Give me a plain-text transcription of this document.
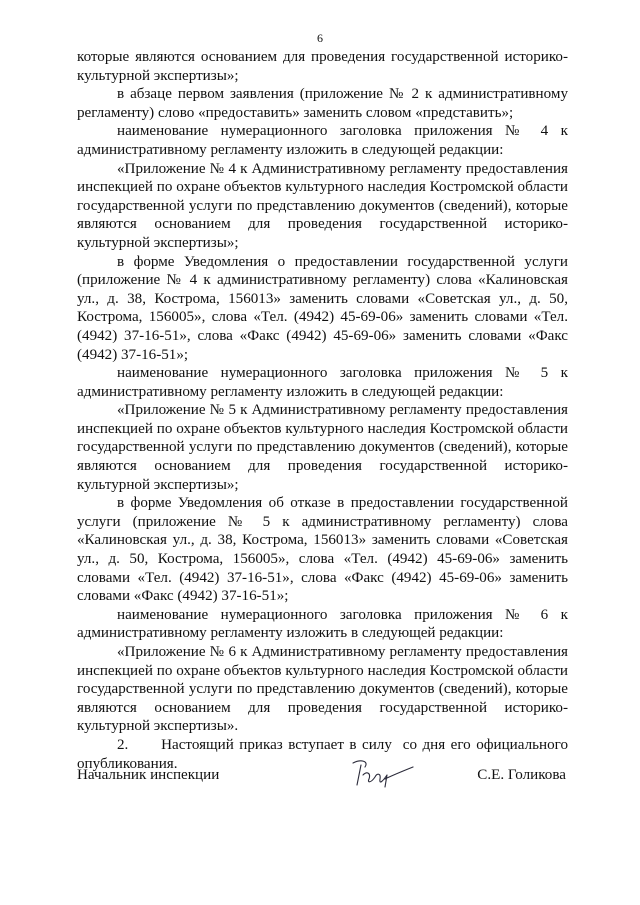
6

которые являются основанием для проведения государственной историко-культурной экспертизы»;

в абзаце первом заявления (приложение № 2 к административному регламенту) слово «предоставить» заменить словом «представить»;

наименование нумерационного заголовка приложения № 4 к административному регламенту изложить в следующей редакции:

«Приложение № 4 к Административному регламенту предоставления инспекцией по охране объектов культурного наследия Костромской области государственной услуги по представлению документов (сведений), которые являются основанием для проведения государственной историко-культурной экспертизы»;

в форме Уведомления о предоставлении государственной услуги (приложение № 4 к административному регламенту) слова «Калиновская ул., д. 38, Кострома, 156013» заменить словами «Советская ул., д. 50, Кострома, 156005», слова «Тел. (4942) 45-69-06» заменить словами «Тел. (4942) 37-16-51», слова «Факс (4942) 45-69-06» заменить словами «Факс (4942) 37-16-51»;

наименование нумерационного заголовка приложения № 5 к административному регламенту изложить в следующей редакции:

«Приложение № 5 к Административному регламенту предоставления инспекцией по охране объектов культурного наследия Костромской области государственной услуги по представлению документов (сведений), которые являются основанием для проведения государственной историко-культурной экспертизы»;

в форме Уведомления об отказе в предоставлении государственной услуги (приложение № 5 к административному регламенту) слова «Калиновская ул., д. 38, Кострома, 156013» заменить словами «Советская ул., д. 50, Кострома, 156005», слова «Тел. (4942) 45-69-06» заменить словами «Тел. (4942) 37-16-51», слова «Факс (4942) 45-69-06» заменить словами «Факс (4942) 37-16-51»;

наименование нумерационного заголовка приложения № 6 к административному регламенту изложить в следующей редакции:

«Приложение № 6 к Административному регламенту предоставления инспекцией по охране объектов культурного наследия Костромской области государственной услуги по представлению документов (сведений), которые являются основанием для проведения государственной историко-культурной экспертизы».

2.      Настоящий приказ вступает в силу  со дня его официального опубликования.

Начальник инспекции	С.Е. Голикова
